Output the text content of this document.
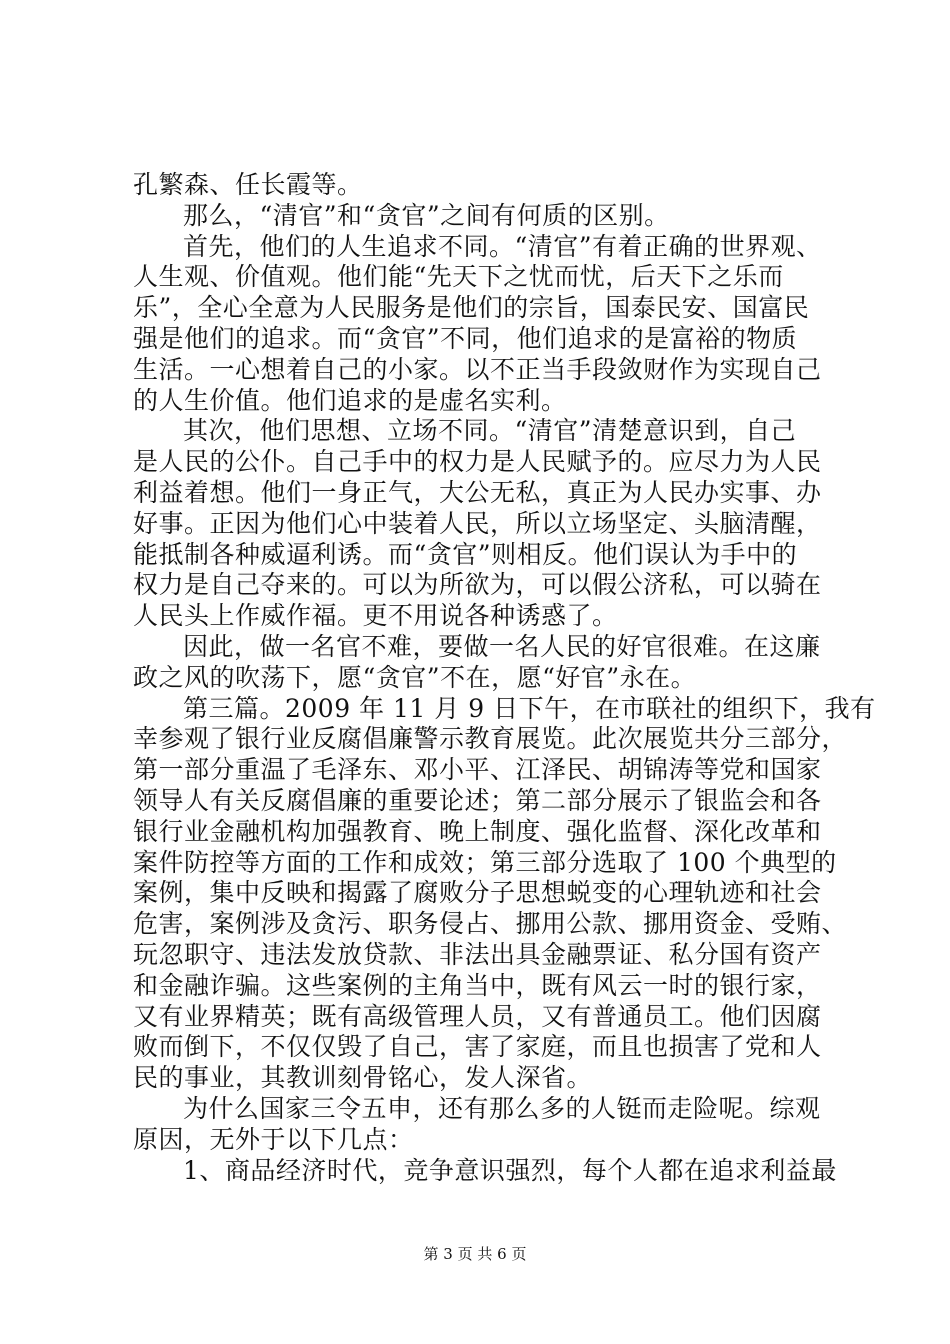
孔繁森、任长霞等。
那么，“清官”和“贪官”之间有何质的区别。
首先，他们的人生追求不同。“清官”有着正确的世界观、
人生观、价值观。他们能“先天下之忧而忧，后天下之乐而
乐”，全心全意为人民服务是他们的宗旨，国泰民安、国富民
强是他们的追求。而“贪官”不同，他们追求的是富裕的物质
生活。一心想着自己的小家。以不正当手段敛财作为实现自己
的人生价值。他们追求的是虚名实利。
其次，他们思想、立场不同。“清官”清楚意识到，自己
是人民的公仆。自己手中的权力是人民赋予的。应尽力为人民
利益着想。他们一身正气，大公无私，真正为人民办实事、办
好事。正因为他们心中装着人民，所以立场坚定、头脑清醒，
能抵制各种威逼利诱。而“贪官”则相反。他们误认为手中的
权力是自己夺来的。可以为所欲为，可以假公济私，可以骑在
人民头上作威作福。更不用说各种诱惑了。
因此，做一名官不难，要做一名人民的好官很难。在这廉
政之风的吹荡下，愿“贪官”不在，愿“好官”永在。
第三篇。2009 年 11 月 9 日下午，在市联社的组织下，我有
幸参观了银行业反腐倡廉警示教育展览。此次展览共分三部分，
第一部分重温了毛泽东、邓小平、江泽民、胡锦涛等党和国家
领导人有关反腐倡廉的重要论述；第二部分展示了银监会和各
银行业金融机构加强教育、晚上制度、强化监督、深化改革和
案件防控等方面的工作和成效；第三部分选取了 100 个典型的
案例，集中反映和揭露了腐败分子思想蜕变的心理轨迹和社会
危害，案例涉及贪污、职务侵占、挪用公款、挪用资金、受贿、
玩忽职守、违法发放贷款、非法出具金融票证、私分国有资产
和金融诈骗。这些案例的主角当中，既有风云一时的银行家，
又有业界精英；既有高级管理人员，又有普通员工。他们因腐
败而倒下，不仅仅毁了自己，害了家庭，而且也损害了党和人
民的事业，其教训刻骨铭心，发人深省。
为什么国家三令五申，还有那么多的人铤而走险呢。综观
原因，无外于以下几点：
1、商品经济时代，竞争意识强烈，每个人都在追求利益最
第 3 页 共 6 页
